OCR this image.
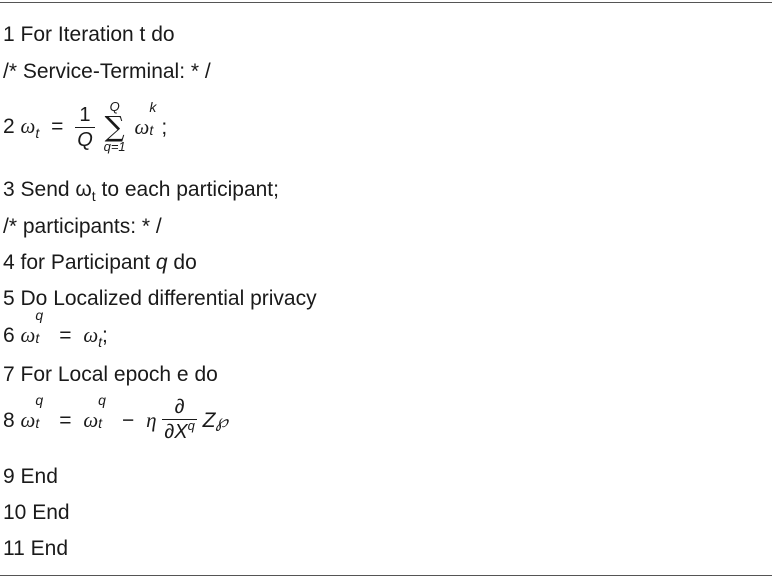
1 For Iteration t do
/* Service-Terminal: * /
2 $\omega_t = \frac{1}{Q}$
	Q
∑
q=1
ω
k
t ;
3 Send $\omega_t$ to each participant;
/* participants: * /
4 for Participant q do
5 Do Localized differential privacy
6 ω
q
$t = \omega_t$;
7 For Local epoch e do
8 ω
q
t = ω
q
t − η $\frac{\partial}{\partial X^q}$ Z℘
9 End
10 End
11 End
